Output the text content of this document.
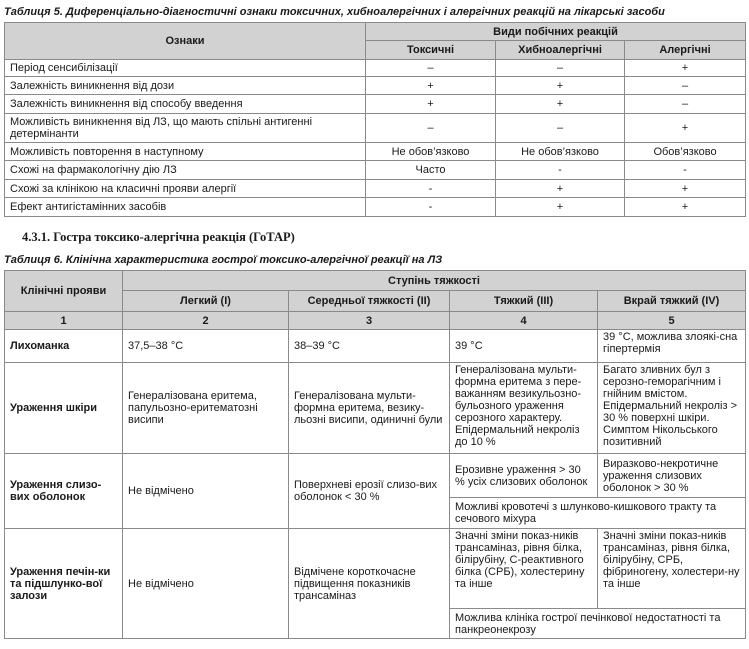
Таблиця 5. Диференціально-діагностичні ознаки токсичних, хибноалергічних і алергічних реакцій на лікарські засоби
Ознаки	Види побічних реакцій		
	Токсичні	Хибноалергічні	Алергічні
Період сенсибілізації	–	–	+
Залежність виникнення від дози	+	+	–
Залежність виникнення від способу введення	+	+	–
Можливість виникнення від ЛЗ, що мають спільні антигенні детермінанти	–	–	+
Можливість повторення в наступному	Не обов’язково	Не обов’язково	Обов’язково
Схожі на фармакологічну дію ЛЗ	Часто	-	-
Схожі за клінікою на класичні прояви алергії	-	+	+
Ефект антигістамінних засобів	-	+	+
4.3.1. Гостра токсико-алергічна реакція (ГоТАР)
Таблиця 6. Клінічна характеристика гострої токсико-алергічної реакції на ЛЗ
Клінічні прояви	Ступінь тяжкості			
	Легкий (І)	Середньої тяжкості (ІІ)	Тяжкий (ІІІ)	Вкрай тяжкий (IV)
1	2	3	4	5
Лихоманка	37,5–38 °С	38–39 °С	39 °С	39 °С, можлива злоякі-сна гіпертермія
Ураження шкіри	Генералізована еритема, папульозно-еритематозні висипи	Генералізована мульти-формна еритема, везику-льозні висипи, одиничні були	Генералізована мульти-формна еритема з пере-важанням везикульозно-бульозного ураження серозного характеру. Епідермальний некроліз до 10 %	Багато зливних бул з серозно-геморагічним і гнійним вмістом. Епідермальний некроліз > 30 % поверхні шкіри. Симптом Нікольського позитивний
Ураження слизо-вих оболонок	Не відмічено	Поверхневі ерозії слизо-вих оболонок < 30 %	Ерозивне ураження > 30 % усіх слизових оболонок	Виразково-некротичне ураження слизових оболонок > 30 %
			Можливі кровотечі з шлунково-кишкового тракту та сечового міхура	
Ураження печін-ки та підшлунко-вої залози	Не відмічено	Відмічене короткочасне підвищення показників трансаміназ	Значні зміни показ-ників трансаміназ, рівня білка, білірубіну, С-реактивного білка (СРБ), холестерину та інше	Значні зміни показ-ників трансаміназ, рівня білка, білірубіну, СРБ, фібриногену, холестери-ну та інше
			Можлива клініка гострої печінкової недостатності та панкреонекрозу	
